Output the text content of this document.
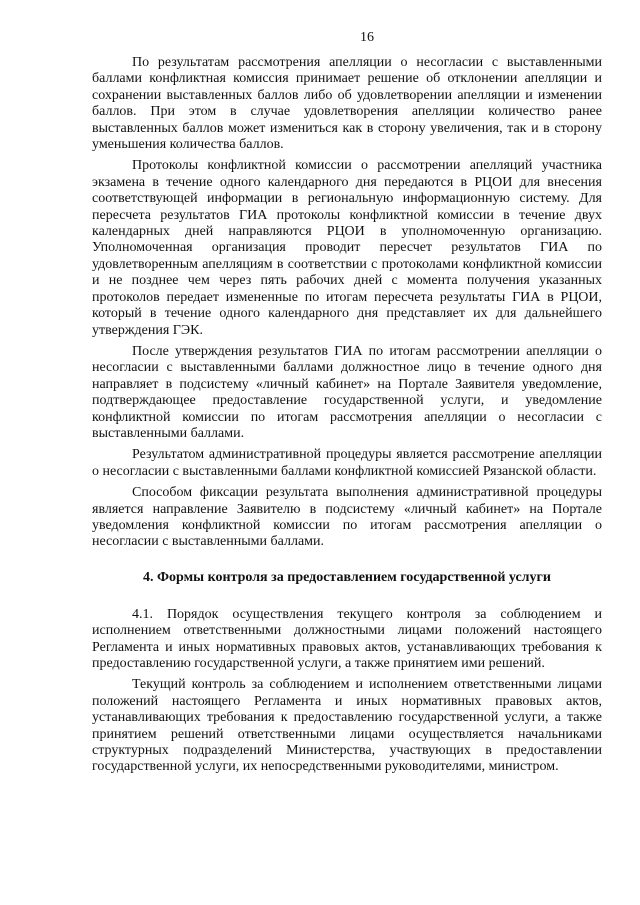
16

По результатам рассмотрения апелляции о несогласии с выставленными баллами конфликтная комиссия принимает решение об отклонении апелляции и сохранении выставленных баллов либо об удовлетворении апелляции и изменении баллов. При этом в случае удовлетворения апелляции количество ранее выставленных баллов может измениться как в сторону увеличения, так и в сторону уменьшения количества баллов.

Протоколы конфликтной комиссии о рассмотрении апелляций участника экзамена в течение одного календарного дня передаются в РЦОИ для внесения соответствующей информации в региональную информационную систему. Для пересчета результатов ГИА протоколы конфликтной комиссии в течение двух календарных дней направляются РЦОИ в уполномоченную организацию. Уполномоченная организация проводит пересчет результатов ГИА по удовлетворенным апелляциям в соответствии с протоколами конфликтной комиссии и не позднее чем через пять рабочих дней с момента получения указанных протоколов передает измененные по итогам пересчета результаты ГИА в РЦОИ, который в течение одного календарного дня представляет их для дальнейшего утверждения ГЭК.

После утверждения результатов ГИА по итогам рассмотрении апелляции о несогласии с выставленными баллами должностное лицо в течение одного дня направляет в подсистему «личный кабинет» на Портале Заявителя уведомление, подтверждающее предоставление государственной услуги, и уведомление конфликтной комиссии по итогам рассмотрения апелляции о несогласии с выставленными баллами.

Результатом административной процедуры является рассмотрение апелляции о несогласии с выставленными баллами конфликтной комиссией Рязанской области.

Способом фиксации результата выполнения административной процедуры является направление Заявителю в подсистему «личный кабинет» на Портале уведомления конфликтной комиссии по итогам рассмотрения апелляции о несогласии с выставленными баллами.

4. Формы контроля за предоставлением государственной услуги

4.1. Порядок осуществления текущего контроля за соблюдением и исполнением ответственными должностными лицами положений настоящего Регламента и иных нормативных правовых актов, устанавливающих требования к предоставлению государственной услуги, а также принятием ими решений.

Текущий контроль за соблюдением и исполнением ответственными лицами положений настоящего Регламента и иных нормативных правовых актов, устанавливающих требования к предоставлению государственной услуги, а также принятием решений ответственными лицами осуществляется начальниками структурных подразделений Министерства, участвующих в предоставлении государственной услуги, их непосредственными руководителями, министром.
